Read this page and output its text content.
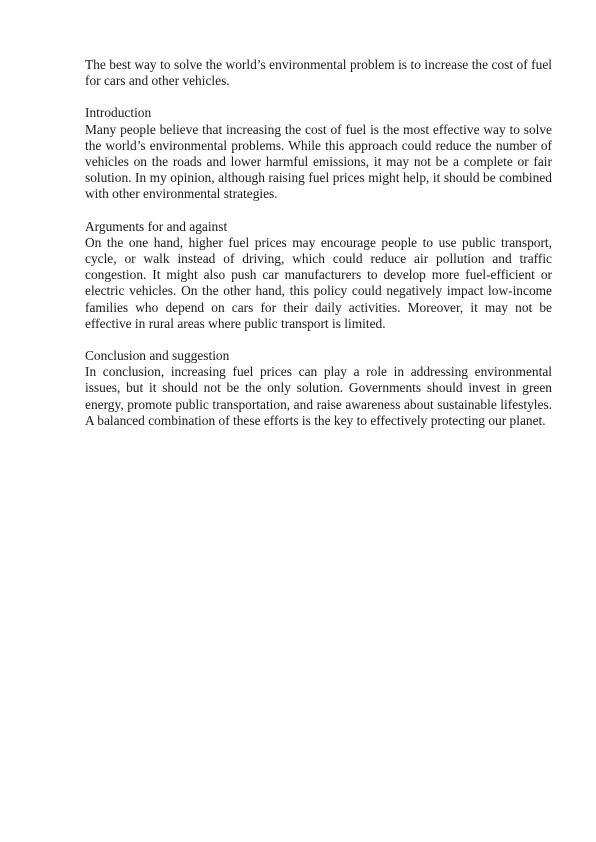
The best way to solve the world’s environmental problem is to increase the cost of fuel for cars and other vehicles.

Introduction

Many people believe that increasing the cost of fuel is the most effective way to solve the world’s environmental problems. While this approach could reduce the number of vehicles on the roads and lower harmful emissions, it may not be a complete or fair solution. In my opinion, although raising fuel prices might help, it should be combined with other environmental strategies.

Arguments for and against

On the one hand, higher fuel prices may encourage people to use public transport, cycle, or walk instead of driving, which could reduce air pollution and traffic congestion. It might also push car manufacturers to develop more fuel-efficient or electric vehicles. On the other hand, this policy could negatively impact low-income families who depend on cars for their daily activities. Moreover, it may not be effective in rural areas where public transport is limited.

Conclusion and suggestion

In conclusion, increasing fuel prices can play a role in addressing environmental issues, but it should not be the only solution. Governments should invest in green energy, promote public transportation, and raise awareness about sustainable lifestyles. A balanced combination of these efforts is the key to effectively protecting our planet.
